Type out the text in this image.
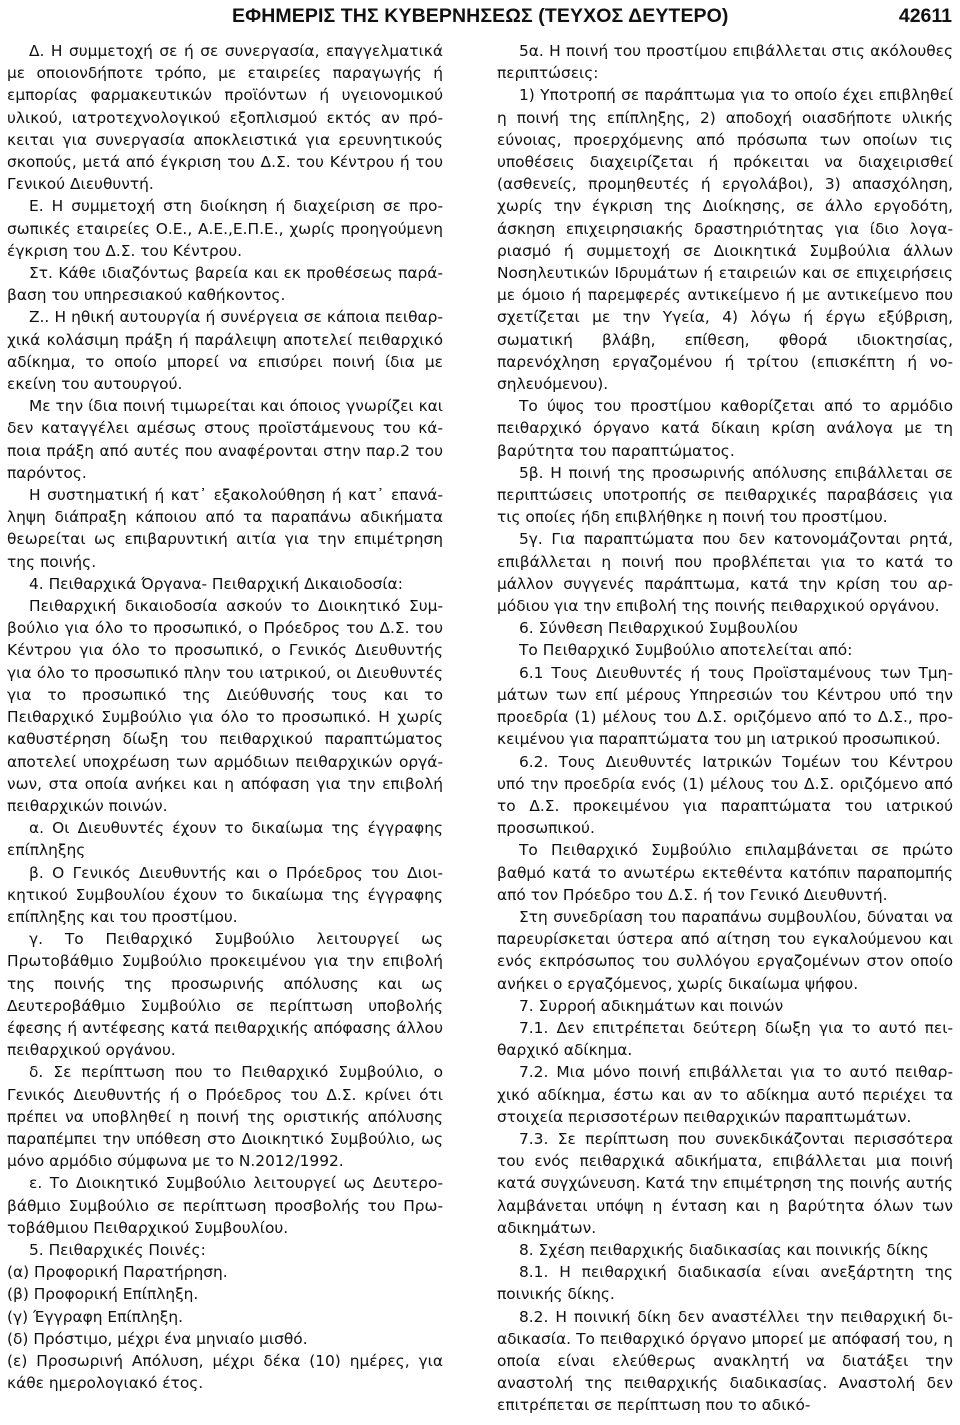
ΕΦΗΜΕΡΙΣ ΤΗΣ ΚΥΒΕΡΝΗΣΕΩΣ (ΤΕΥΧΟΣ ΔΕΥΤΕΡΟ)	42611

Δ. Η συμμετοχή σε ή σε συνεργασία, επαγγελματικά με οποιονδήποτε τρόπο, με εταιρείες παραγωγής ή εμπορίας φαρμακευτικών προϊόντων ή υγειονομικού υλικού, ιατροτεχνολογικού εξοπλισμού εκτός αν πρόκειται για συνεργασία αποκλειστικά για ερευνητικούς σκοπούς, μετά από έγκριση του Δ.Σ. του Κέντρου ή του Γενικού Διευθυντή.

Ε. Η συμμετοχή στη διοίκηση ή διαχείριση σε προσωπικές εταιρείες Ο.Ε., Α.Ε.,Ε.Π.Ε., χωρίς προηγούμενη έγκριση του Δ.Σ. του Κέντρου.

Στ. Κάθε ιδιαζόντως βαρεία και εκ προθέσεως παράβαση του υπηρεσιακού καθήκοντος.

Ζ.. Η ηθική αυτουργία ή συνέργεια σε κάποια πειθαρχικά κολάσιμη πράξη ή παράλειψη αποτελεί πειθαρχικό αδίκημα, το οποίο μπορεί να επισύρει ποινή ίδια με εκείνη του αυτουργού.

Με την ίδια ποινή τιμωρείται και όποιος γνωρίζει και δεν καταγγέλει αμέσως στους προϊστάμενους του κάποια πράξη από αυτές που αναφέρονται στην παρ.2 του παρόντος.

Η συστηματική ή κατ᾽ εξακολούθηση ή κατ᾽ επανάληψη διάπραξη κάποιου από τα παραπάνω αδικήματα θεωρείται ως επιβαρυντική αιτία για την επιμέτρηση της ποινής.

4. Πειθαρχικά Όργανα- Πειθαρχική Δικαιοδοσία:

Πειθαρχική δικαιοδοσία ασκούν το Διοικητικό Συμβούλιο για όλο το προσωπικό, ο Πρόεδρος του Δ.Σ. του Κέντρου για όλο το προσωπικό, ο Γενικός Διευθυντής για όλο το προσωπικό πλην του ιατρικού, οι Διευθυντές για το προσωπικό της Διεύθυνσής τους και το Πειθαρχικό Συμβούλιο για όλο το προσωπικό. Η χωρίς καθυστέρηση δίωξη του πειθαρχικού παραπτώματος αποτελεί υποχρέωση των αρμόδιων πειθαρχικών οργάνων, στα οποία ανήκει και η απόφαση για την επιβολή πειθαρχικών ποινών.

α. Οι Διευθυντές έχουν το δικαίωμα της έγγραφης επίπληξης

β. Ο Γενικός Διευθυντής και ο Πρόεδρος του Διοικητικού Συμβουλίου έχουν το δικαίωμα της έγγραφης επίπληξης και του προστίμου.

γ. Το Πειθαρχικό Συμβούλιο λειτουργεί ως Πρωτοβάθμιο Συμβούλιο προκειμένου για την επιβολή της ποινής της προσωρινής απόλυσης και ως Δευτεροβάθμιο Συμβούλιο σε περίπτωση υποβολής έφεσης ή αντέφεσης κατά πειθαρχικής απόφασης άλλου πειθαρχικού οργάνου.

δ. Σε περίπτωση που το Πειθαρχικό Συμβούλιο, ο Γενικός Διευθυντής ή ο Πρόεδρος του Δ.Σ. κρίνει ότι πρέπει να υποβληθεί η ποινή της οριστικής απόλυσης παραπέμπει την υπόθεση στο Διοικητικό Συμβούλιο, ως μόνο αρμόδιο σύμφωνα με το Ν.2012/1992.

ε. Το Διοικητικό Συμβούλιο λειτουργεί ως Δευτεροβάθμιο Συμβούλιο σε περίπτωση προσβολής του Πρωτοβάθμιου Πειθαρχικού Συμβουλίου.

5. Πειθαρχικές Ποινές:

(α) Προφορική Παρατήρηση.

(β) Προφορική Επίπληξη.

(γ) Έγγραφη Επίπληξη.

(δ) Πρόστιμο, μέχρι ένα μηνιαίο μισθό.

(ε) Προσωρινή Απόλυση, μέχρι δέκα (10) ημέρες, για κάθε ημερολογιακό έτος.

5α. Η ποινή του προστίμου επιβάλλεται στις ακόλουθες περιπτώσεις:

1) Υποτροπή σε παράπτωμα για το οποίο έχει επιβληθεί η ποινή της επίπληξης, 2) αποδοχή οιασδήποτε υλικής εύνοιας, προερχόμενης από πρόσωπα των οποίων τις υποθέσεις διαχειρίζεται ή πρόκειται να διαχειρισθεί (ασθενείς, προμηθευτές ή εργολάβοι), 3) απασχόληση, χωρίς την έγκριση της Διοίκησης, σε άλλο εργοδότη, άσκηση επιχειρησιακής δραστηριότητας για ίδιο λογαριασμό ή συμμετοχή σε Διοικητικά Συμβούλια άλλων Νοσηλευτικών Ιδρυμάτων ή εταιρειών και σε επιχειρήσεις με όμοιο ή παρεμφερές αντικείμενο ή με αντικείμενο που σχετίζεται με την Υγεία, 4) λόγω ή έργω εξύβριση, σωματική βλάβη, επίθεση, φθορά ιδιοκτησίας, παρενόχληση εργαζομένου ή τρίτου (επισκέπτη ή νοσηλευόμενου).

Το ύψος του προστίμου καθορίζεται από το αρμόδιο πειθαρχικό όργανο κατά δίκαιη κρίση ανάλογα με τη βαρύτητα του παραπτώματος.

5β. Η ποινή της προσωρινής απόλυσης επιβάλλεται σε περιπτώσεις υποτροπής σε πειθαρχικές παραβάσεις για τις οποίες ήδη επιβλήθηκε η ποινή του προστίμου.

5γ. Για παραπτώματα που δεν κατονομάζονται ρητά, επιβάλλεται η ποινή που προβλέπεται για το κατά το μάλλον συγγενές παράπτωμα, κατά την κρίση του αρμόδιου για την επιβολή της ποινής πειθαρχικού οργάνου.

6. Σύνθεση Πειθαρχικού Συμβουλίου

Το Πειθαρχικό Συμβούλιο αποτελείται από:

6.1 Τους Διευθυντές ή τους Προϊσταμένους των Τμημάτων των επί μέρους Υπηρεσιών του Κέντρου υπό την προεδρία (1) μέλους του Δ.Σ. οριζόμενο από το Δ.Σ., προκειμένου για παραπτώματα του μη ιατρικού προσωπικού.

6.2. Τους Διευθυντές Ιατρικών Τομέων του Κέντρου υπό την προεδρία ενός (1) μέλους του Δ.Σ. οριζόμενο από το Δ.Σ. προκειμένου για παραπτώματα του ιατρικού προσωπικού.

Το Πειθαρχικό Συμβούλιο επιλαμβάνεται σε πρώτο βαθμό κατά το ανωτέρω εκτεθέντα κατόπιν παραπομπής από τον Πρόεδρο του Δ.Σ. ή τον Γενικό Διευθυντή.

Στη συνεδρίαση του παραπάνω συμβουλίου, δύναται να παρευρίσκεται ύστερα από αίτηση του εγκαλούμενου και ενός εκπρόσωπος του συλλόγου εργαζομένων στον οποίο ανήκει ο εργαζόμενος, χωρίς δικαίωμα ψήφου.

7. Συρροή αδικημάτων και ποινών

7.1. Δεν επιτρέπεται δεύτερη δίωξη για το αυτό πειθαρχικό αδίκημα.

7.2. Μια μόνο ποινή επιβάλλεται για το αυτό πειθαρχικό αδίκημα, έστω και αν το αδίκημα αυτό περιέχει τα στοιχεία περισσοτέρων πειθαρχικών παραπτωμάτων.

7.3. Σε περίπτωση που συνεκδικάζονται περισσότερα του ενός πειθαρχικά αδικήματα, επιβάλλεται μια ποινή κατά συγχώνευση. Κατά την επιμέτρηση της ποινής αυτής λαμβάνεται υπόψη η ένταση και η βαρύτητα όλων των αδικημάτων.

8. Σχέση πειθαρχικής διαδικασίας και ποινικής δίκης

8.1. Η πειθαρχική διαδικασία είναι ανεξάρτητη της ποινικής δίκης.

8.2. Η ποινική δίκη δεν αναστέλλει την πειθαρχική διαδικασία. Το πειθαρχικό όργανο μπορεί με απόφασή του, η οποία είναι ελεύθερως ανακλητή να διατάξει την αναστολή της πειθαρχικής διαδικασίας. Αναστολή δεν επιτρέπεται σε περίπτωση που το αδικό-
